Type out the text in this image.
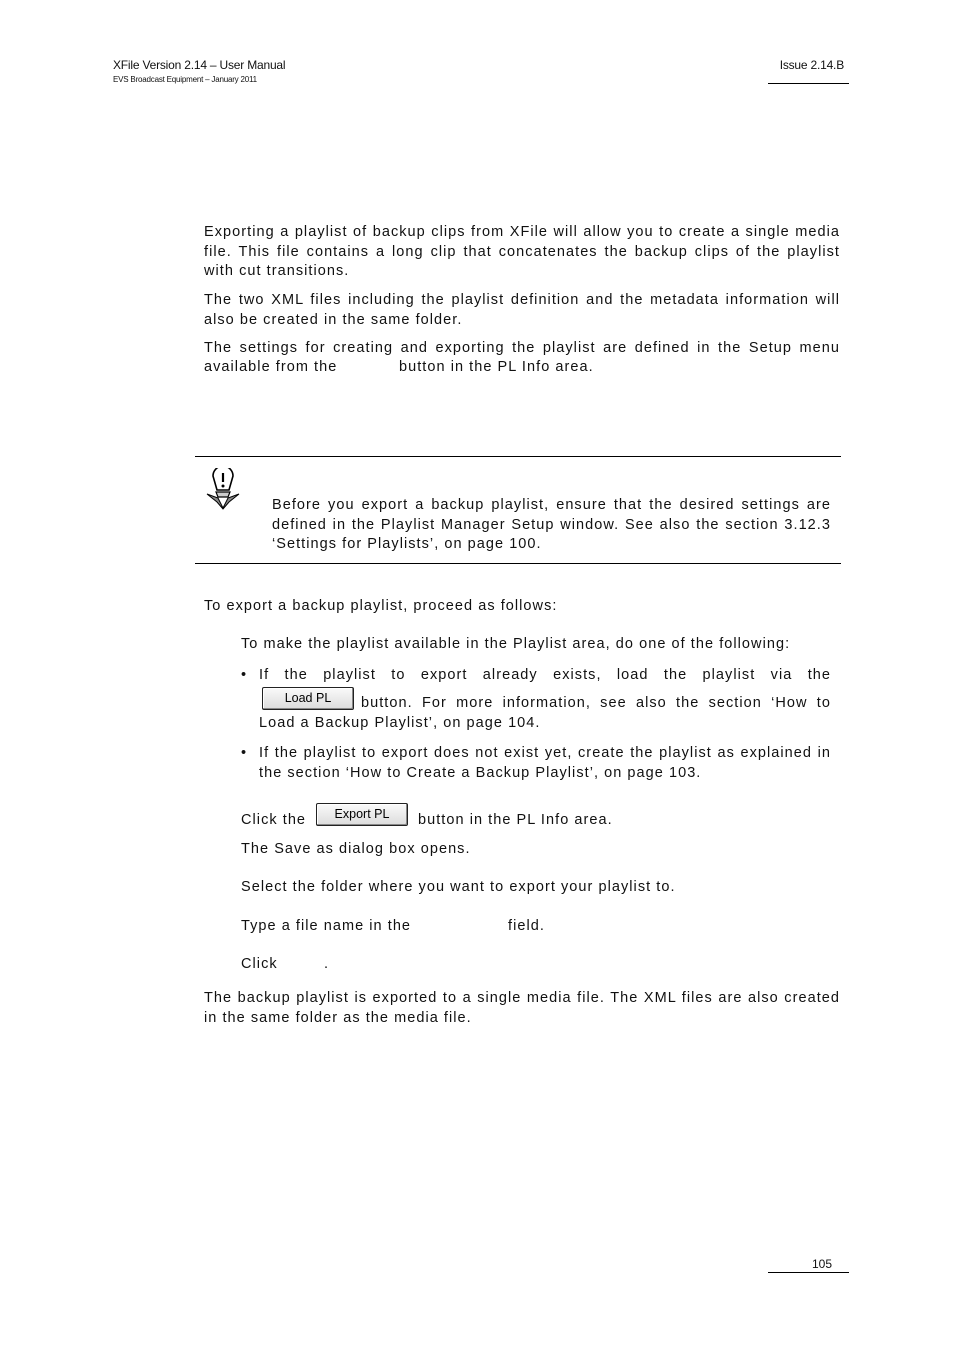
XFile Version 2.14 – User Manual
EVS Broadcast Equipment – January 2011
Issue 2.14.B

Exporting a playlist of backup clips from XFile will allow you to create a single media file. This file contains a long clip that concatenates the backup clips of the playlist with cut transitions.

The two XML files including the playlist definition and the metadata information will also be created in the same folder.

The settings for creating and exporting the playlist are defined in the Setup menu

available from the	button in the PL Info area.

Before you export a backup playlist, ensure that the desired settings are defined in the Playlist Manager Setup window. See also the section 3.12.3 ‘Settings for Playlists’, on page 100.

To export a backup playlist, proceed as follows:
To make the playlist available in the Playlist area, do one of the following:
• If the playlist to export already exists, load the playlist via the
Load PL	button. For more information, see also the section ‘How to Load a Backup Playlist’, on page 104.
• If the playlist to export does not exist yet, create the playlist as explained in the section ‘How to Create a Backup Playlist’, on page 103.
Click the	Export PL	button in the PL Info area.
The Save as dialog box opens.
Select the folder where you want to export your playlist to.
Type a file name in the	field.
Click	.

The backup playlist is exported to a single media file. The XML files are also created in the same folder as the media file.

105
